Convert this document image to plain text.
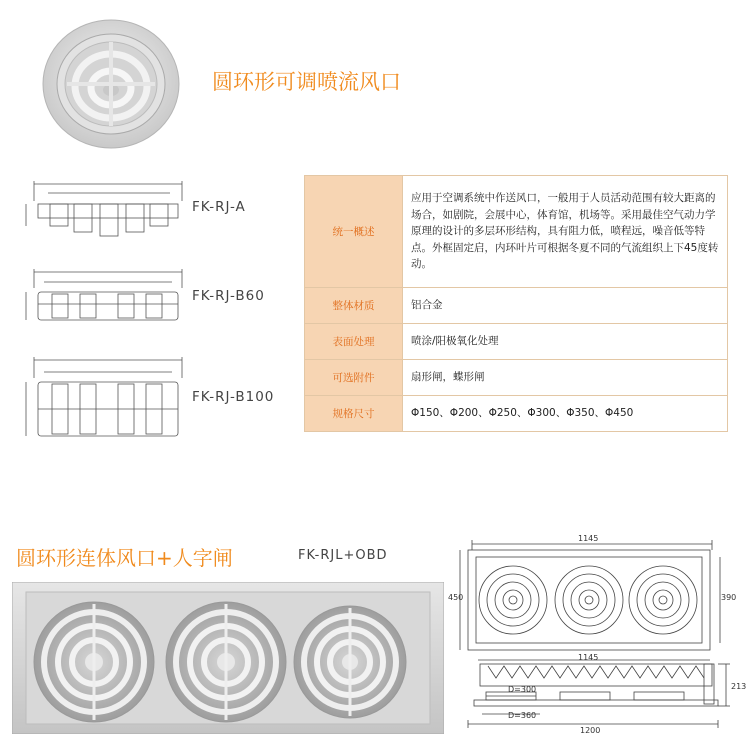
圆环形可调喷流风口
FK-RJ-A
FK-RJ-B60
FK-RJ-B100
统一概述	应用于空调系统中作送风口，一般用于人员活动范围有较大距离的场合，如剧院，会展中心，体育馆，机场等。采用最佳空气动力学原理的设计的多层环形结构，具有阻力低，喷程远，噪音低等特点。外框固定启，内环叶片可根据冬夏不同的气流组织上下45度转动。
整体材质	铝合金
表面处理	喷涂/阳极氧化处理
可选附件	扇形闸，蝶形闸
规格尺寸	Φ150、Φ200、Φ250、Φ300、Φ350、Φ450
圆环形连体风口+人字闸	FK-RJL+OBD
1145
450	390
1145
213
D=300
D=360
1200
